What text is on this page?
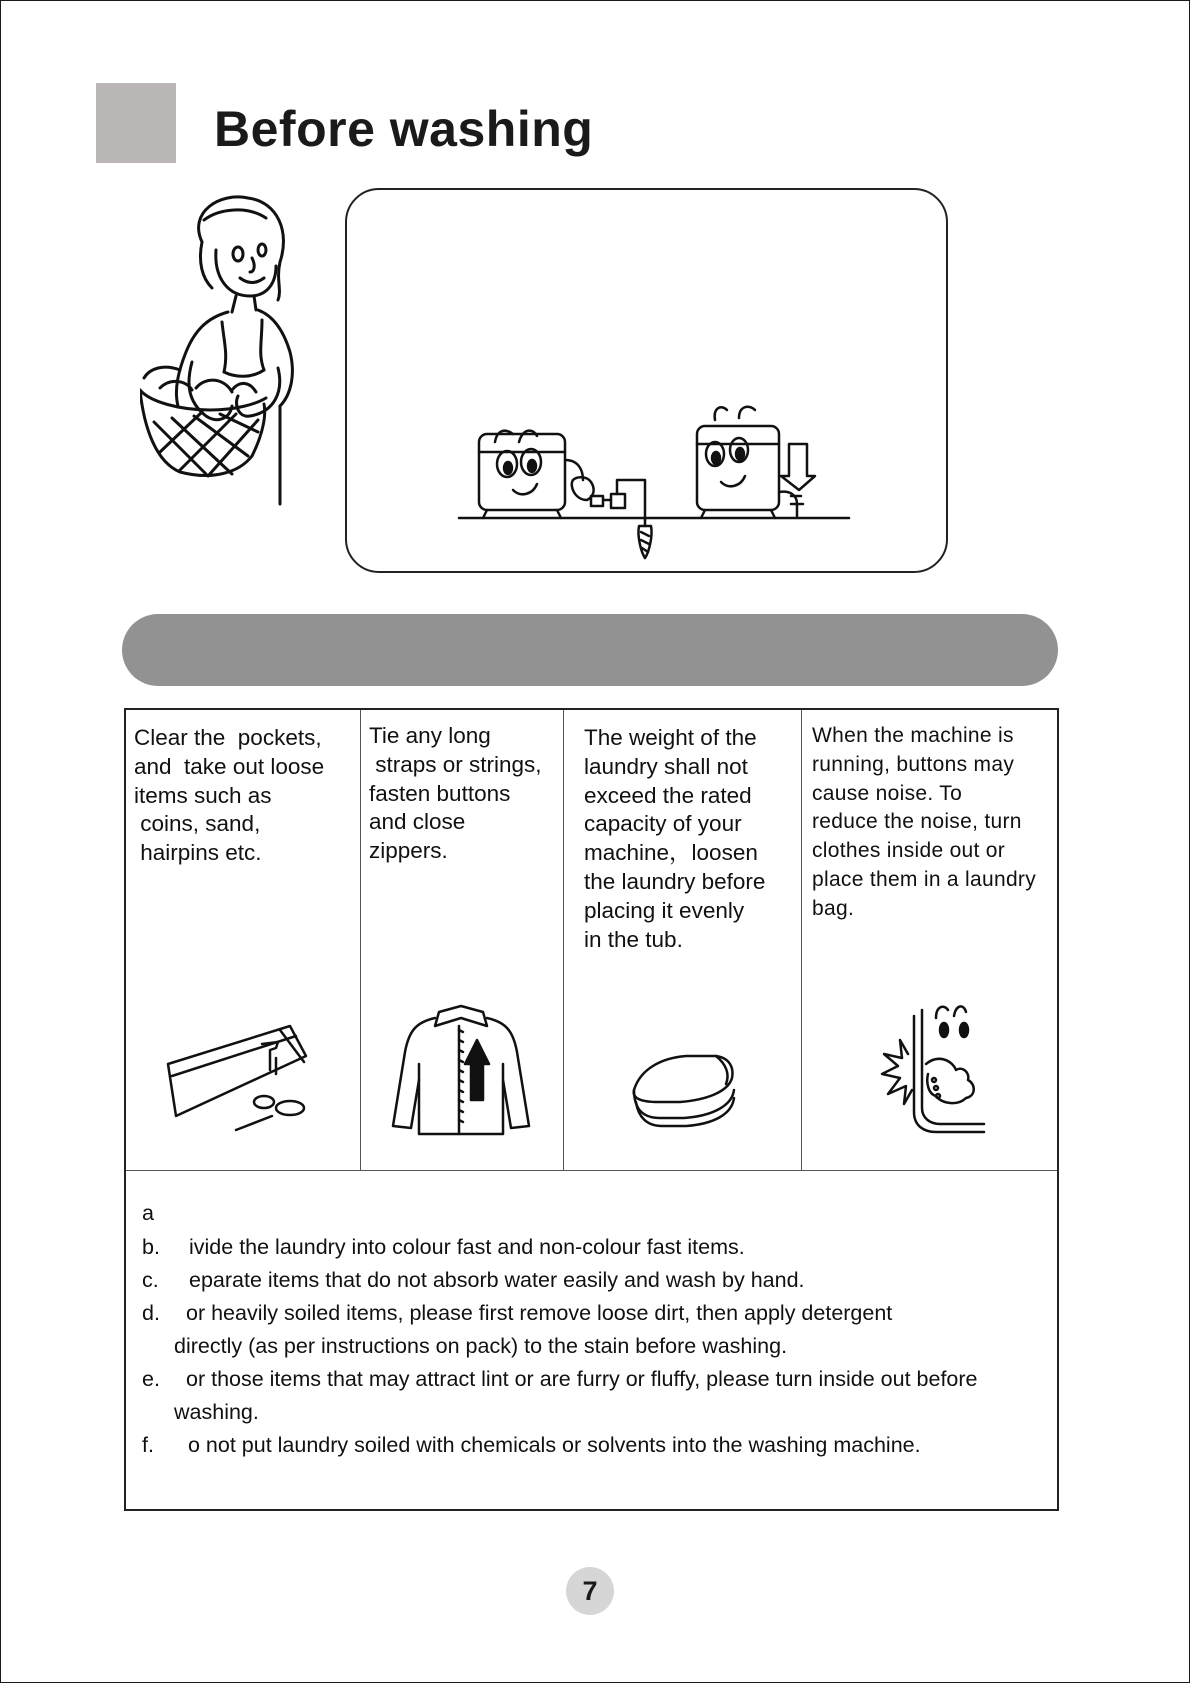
Before washing

Clear the  pockets,
and  take out loose
items such as
coins, sand,
hairpins etc.

Tie any long
straps or strings,
fasten buttons
and close
zippers.

The weight of the
laundry shall not
exceed the rated
capacity of your
machine，loosen
the laundry before
placing it evenly
in the tub.

When the machine is
running, buttons may
cause noise. To
reduce the noise, turn
clothes inside out or
place them in a laundry
bag.

a
b. ivide the laundry into colour fast and non-colour fast items.
c. eparate items that do not absorb water easily and wash by hand.
d. or heavily soiled items, please first remove loose dirt, then apply detergent
directly (as per instructions on pack) to the stain before washing.
e. or those items that may attract lint or are furry or fluffy, please turn inside out before
washing.
f. o not put laundry soiled with chemicals or solvents into the washing machine.
7
